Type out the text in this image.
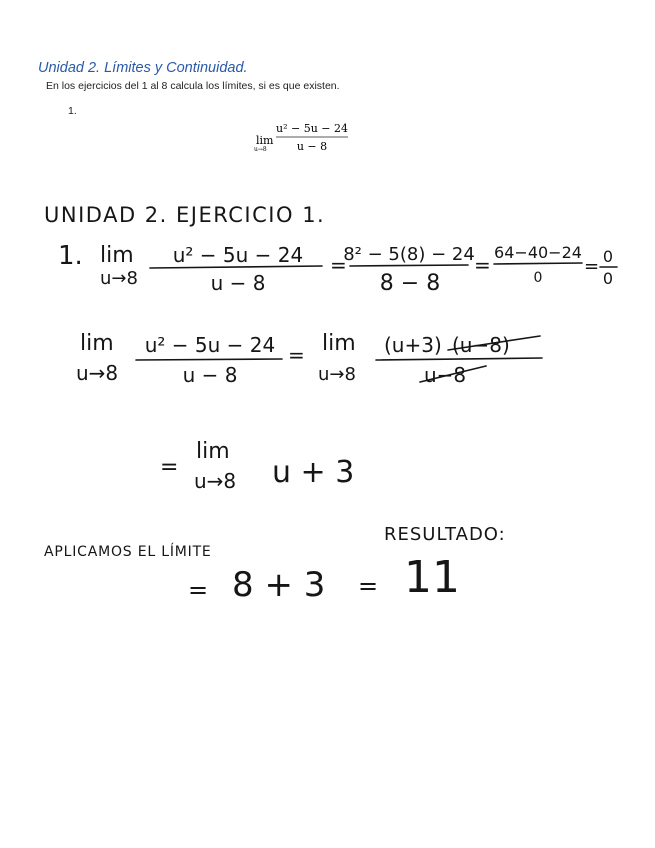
Unidad 2. Límites y Continuidad.
En los ejercicios del 1 al 8 calcula los límites, si es que existen.
1.
lim
u→8
u² − 5u − 24
u − 8
UNIDAD 2. EJERCICIO 1.
1. lim
u→8
u² − 5u − 24
u − 8
=
8² − 5(8) − 24
8 − 8
=
64−40−24
0
= 0
0
lim
u→8
u² − 5u − 24
u − 8
= lim
u→8
(u+3) (u−8)
u−8
=
lim
u→8 u + 3
RESULTADO:
APLICAMOS EL LÍMITE
= 8 + 3 = 11
